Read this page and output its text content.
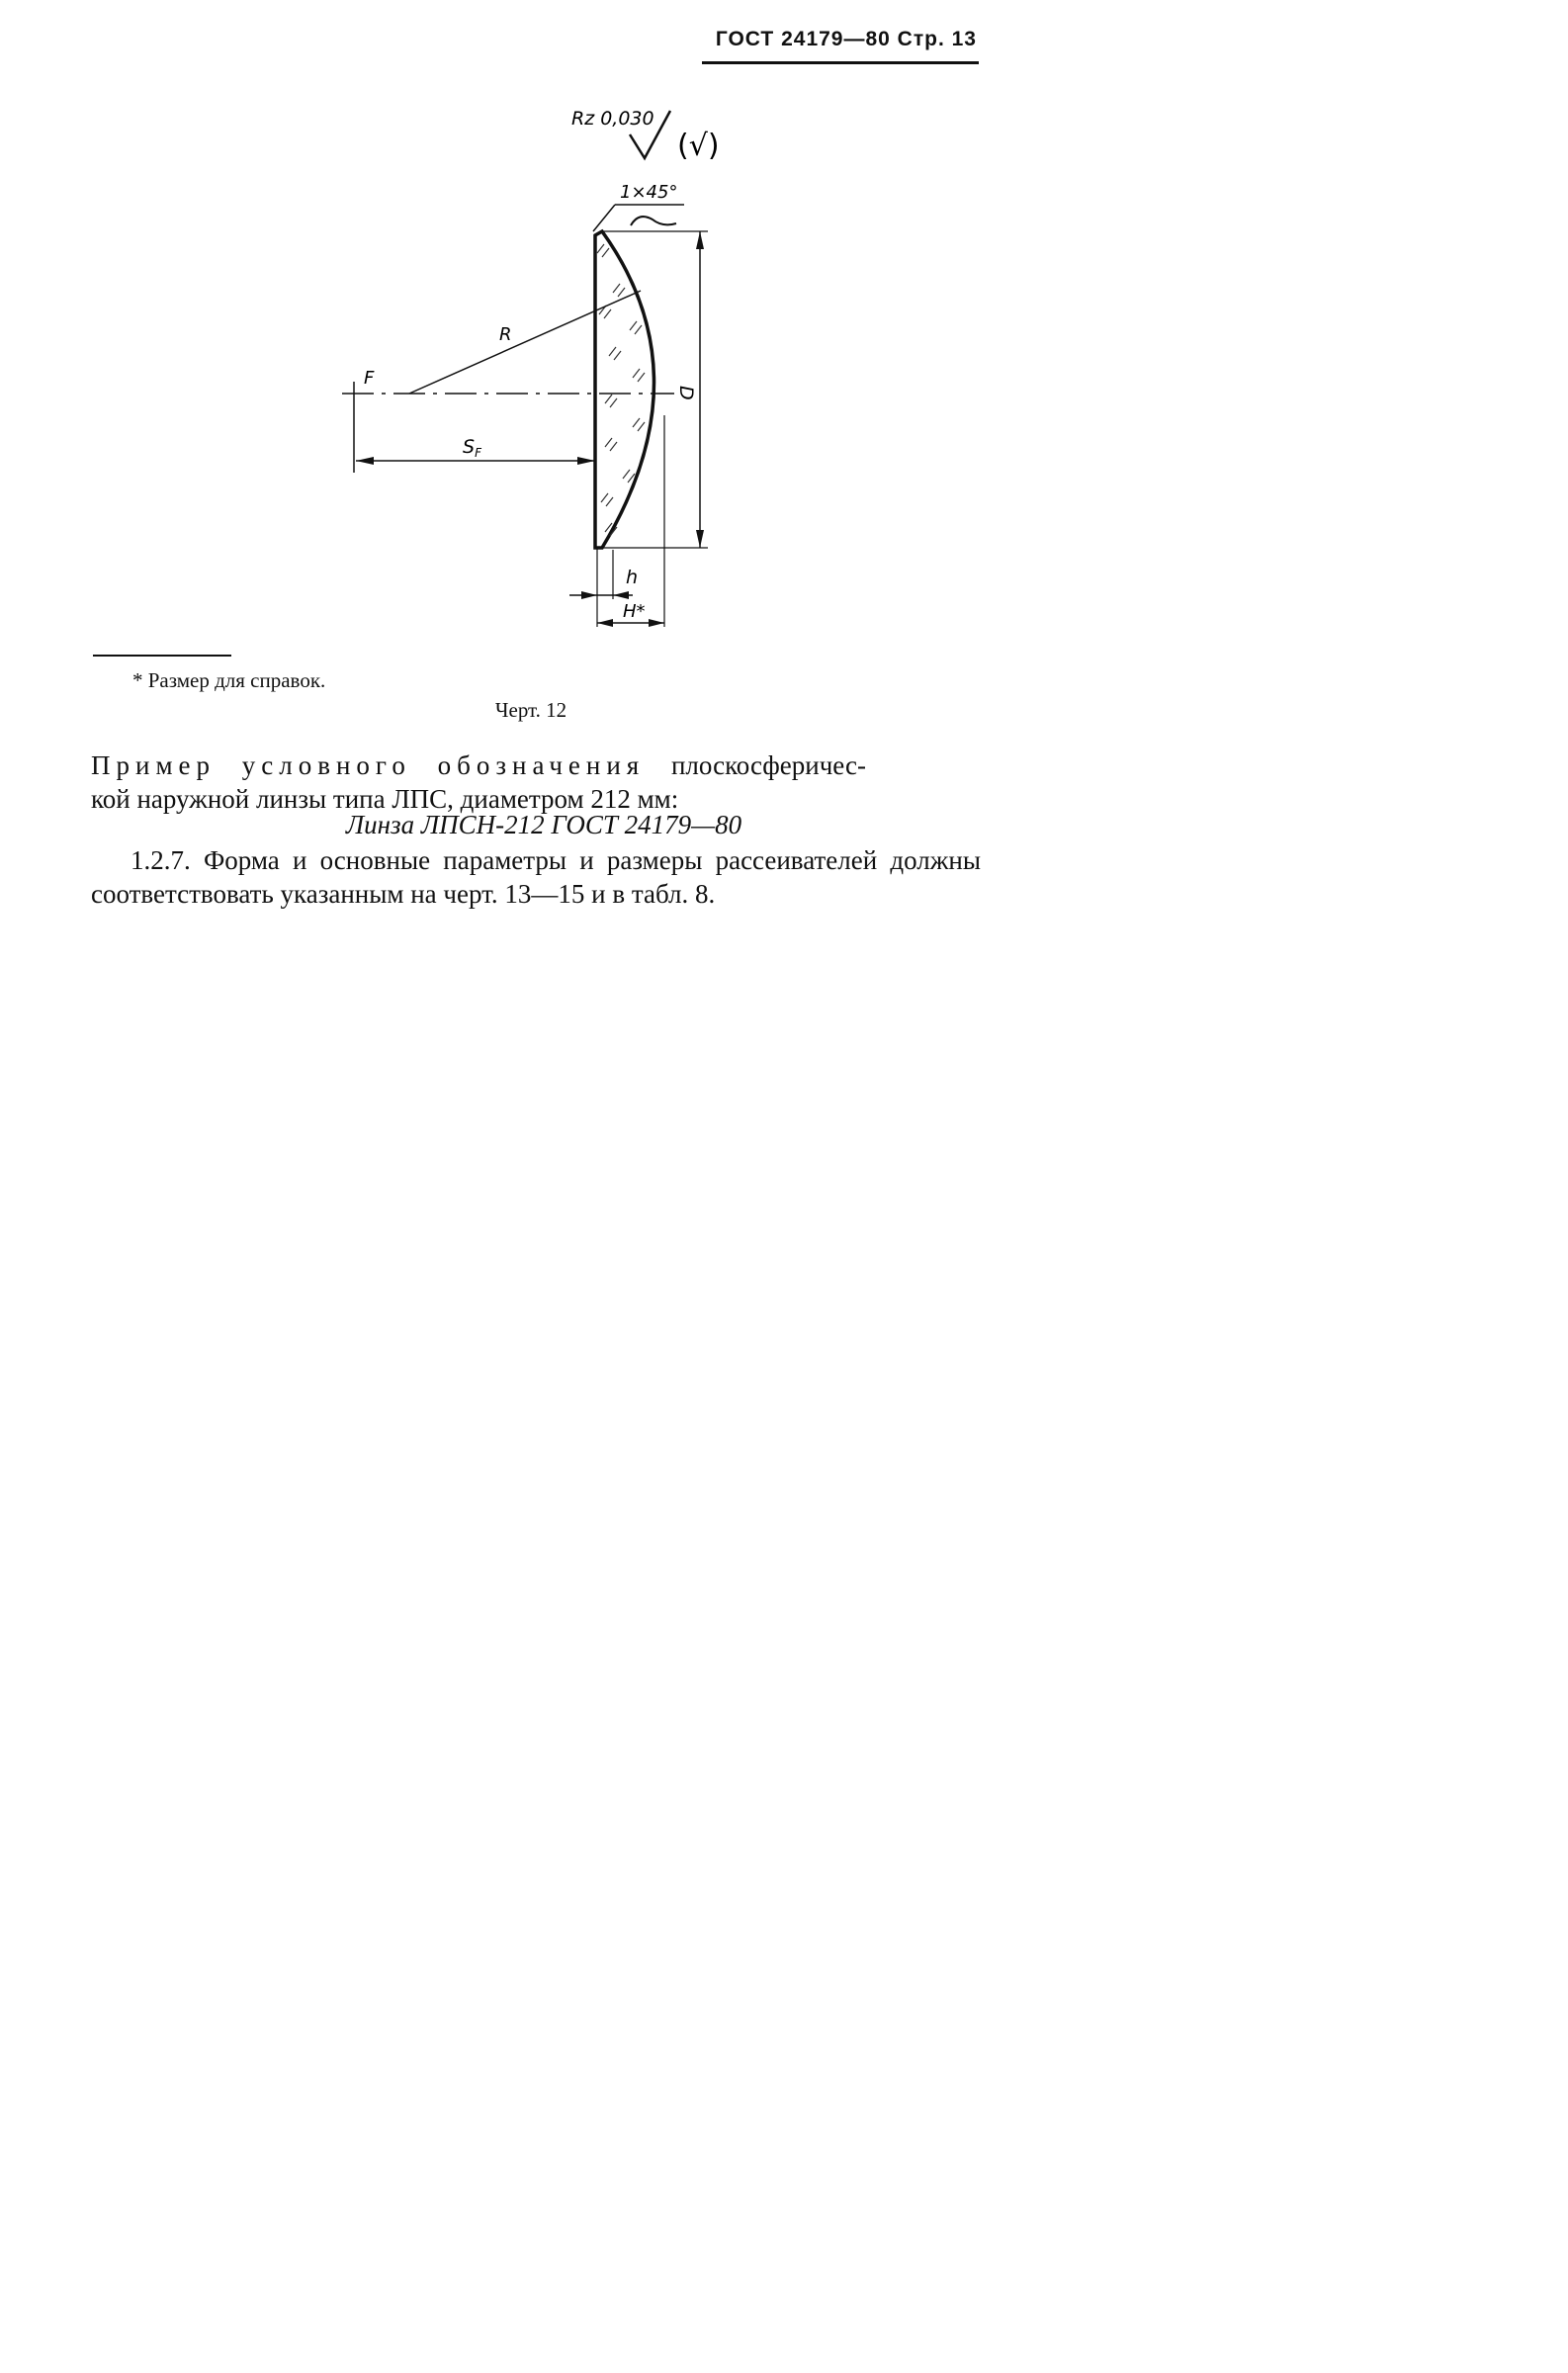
ГОСТ 24179—80 Стр. 13
Rz 0,030
(√)
1×45°
F
R
$S_F$
D
h
H*
* Размер для справок.
Черт. 12
Пример условного обозначения плоскосферичес-
кой наружной линзы типа ЛПС, диаметром 212 мм:
Линза ЛПСН-212 ГОСТ 24179—80
1.2.7. Форма и основные параметры и размеры рассеивателей должны соответствовать указанным на черт. 13—15 и в табл. 8.
